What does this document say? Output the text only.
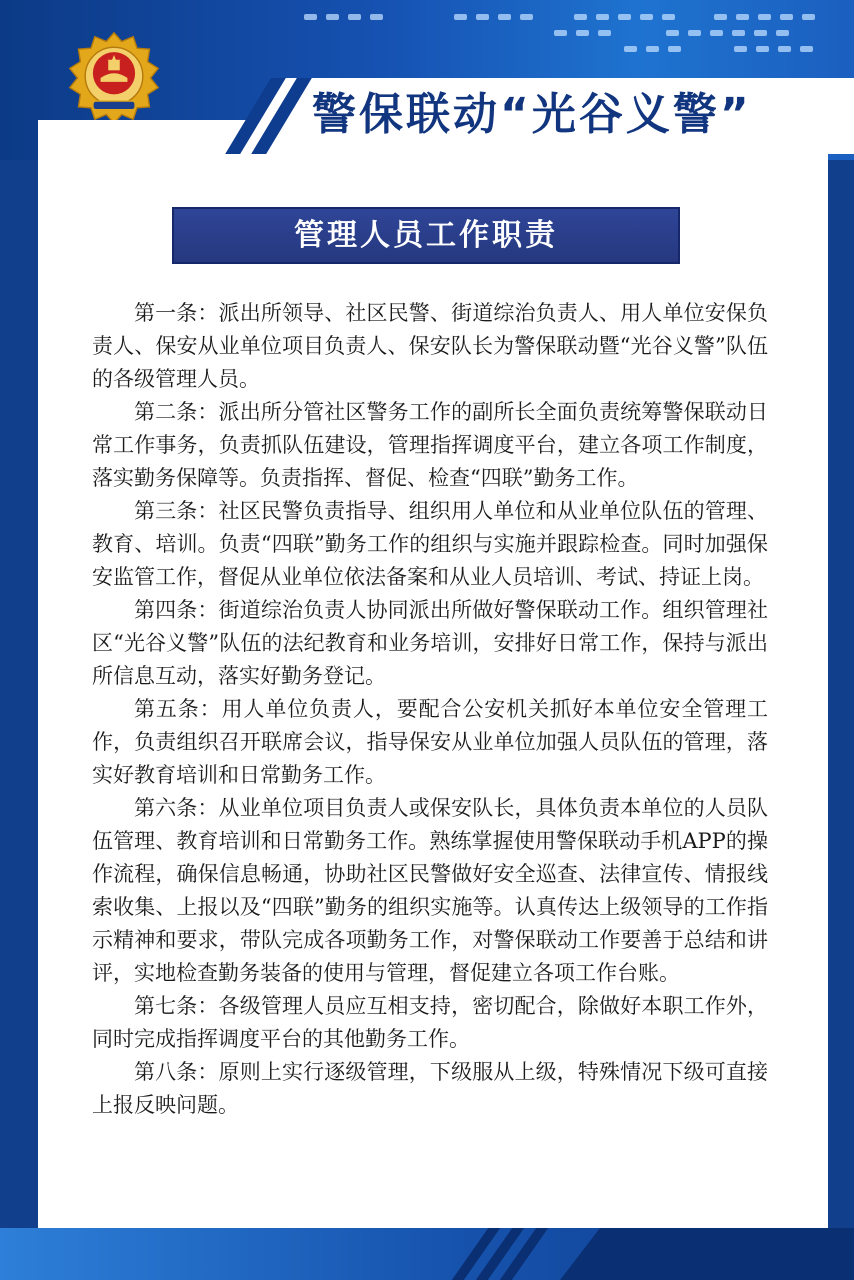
警保联动“光谷义警”
管理人员工作职责

第一条：派出所领导、社区民警、街道综治负责人、用人单位安保负责人、保安从业单位项目负责人、保安队长为警保联动暨“光谷义警”队伍的各级管理人员。

第二条：派出所分管社区警务工作的副所长全面负责统筹警保联动日常工作事务，负责抓队伍建设，管理指挥调度平台，建立各项工作制度，落实勤务保障等。负责指挥、督促、检查“四联”勤务工作。

第三条：社区民警负责指导、组织用人单位和从业单位队伍的管理、教育、培训。负责“四联”勤务工作的组织与实施并跟踪检查。同时加强保安监管工作，督促从业单位依法备案和从业人员培训、考试、持证上岗。

第四条：街道综治负责人协同派出所做好警保联动工作。组织管理社区“光谷义警”队伍的法纪教育和业务培训，安排好日常工作，保持与派出所信息互动，落实好勤务登记。

第五条：用人单位负责人，要配合公安机关抓好本单位安全管理工作，负责组织召开联席会议，指导保安从业单位加强人员队伍的管理，落实好教育培训和日常勤务工作。

第六条：从业单位项目负责人或保安队长，具体负责本单位的人员队伍管理、教育培训和日常勤务工作。熟练掌握使用警保联动手机APP的操作流程，确保信息畅通，协助社区民警做好安全巡查、法律宣传、情报线索收集、上报以及“四联”勤务的组织实施等。认真传达上级领导的工作指示精神和要求，带队完成各项勤务工作，对警保联动工作要善于总结和讲评，实地检查勤务装备的使用与管理，督促建立各项工作台账。

第七条：各级管理人员应互相支持，密切配合，除做好本职工作外，同时完成指挥调度平台的其他勤务工作。

第八条：原则上实行逐级管理，下级服从上级，特殊情况下级可直接上报反映问题。
